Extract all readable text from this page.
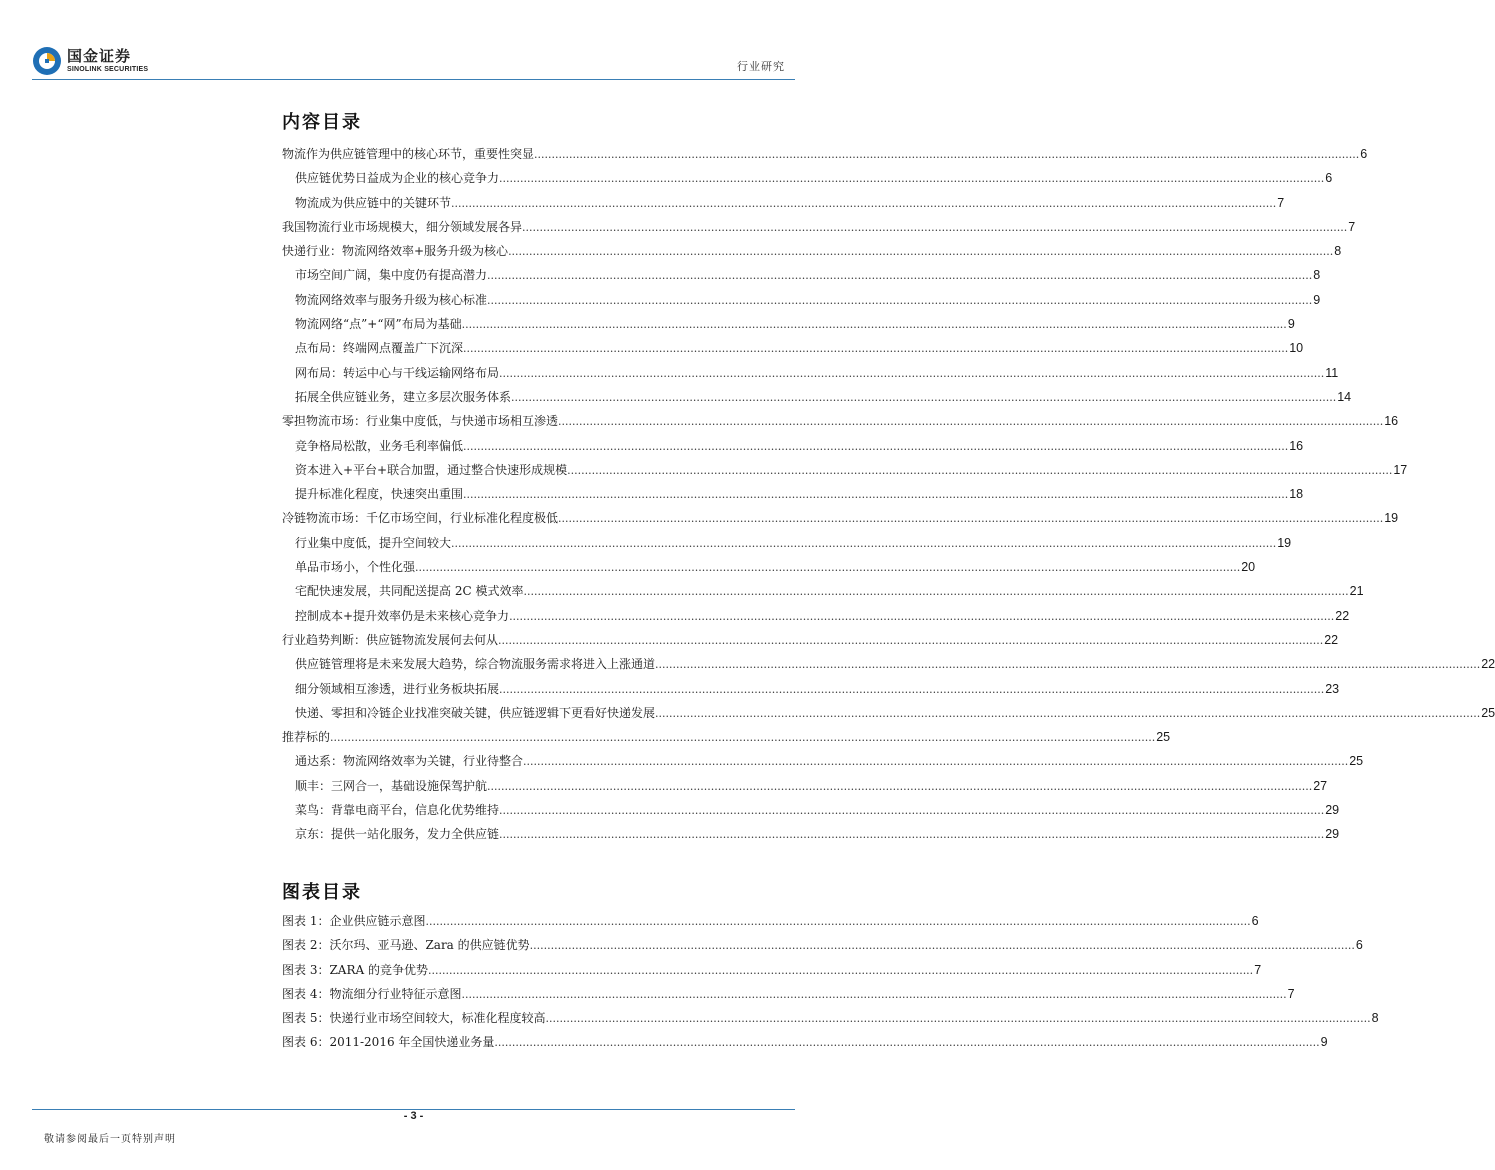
国金证券
SINOLINK SECURITIES	行业研究
内容目录
物流作为供应链管理中的核心环节，重要性突显 .....	6
供应链优势日益成为企业的核心竞争力 .....	6
物流成为供应链中的关键环节 .....	7
我国物流行业市场规模大，细分领域发展各异 .....	7
快递行业：物流网络效率+服务升级为核心 .....	8
市场空间广阔，集中度仍有提高潜力 .....	8
物流网络效率与服务升级为核心标准 .....	9
物流网络“点”+“网”布局为基础 .....	9
点布局：终端网点覆盖广下沉深 .....	10
网布局：转运中心与干线运输网络布局 .....	11
拓展全供应链业务，建立多层次服务体系 .....	14
零担物流市场：行业集中度低，与快递市场相互渗透 .....	16
竞争格局松散，业务毛利率偏低 .....	16
资本进入+平台+联合加盟，通过整合快速形成规模 .....	17
提升标准化程度，快速突出重围 .....	18
冷链物流市场：千亿市场空间，行业标准化程度极低 .....	19
行业集中度低，提升空间较大 .....	19
单品市场小，个性化强 .....	20
宅配快速发展，共同配送提高 2C 模式效率 .....	21
控制成本+提升效率仍是未来核心竞争力 .....	22
行业趋势判断：供应链物流发展何去何从 .....	22
供应链管理将是未来发展大趋势，综合物流服务需求将进入上涨通道 .....	22
细分领域相互渗透，进行业务板块拓展 .....	23
快递、零担和冷链企业找准突破关键，供应链逻辑下更看好快递发展 .....	25
推荐标的 .....	25
通达系：物流网络效率为关键，行业待整合 .....	25
顺丰：三网合一，基础设施保驾护航 .....	27
菜鸟：背靠电商平台，信息化优势维持 .....	29
京东：提供一站化服务，发力全供应链 .....	29
图表目录
图表 1：企业供应链示意图 .....	6
图表 2：沃尔玛、亚马逊、Zara 的供应链优势 .....	6
图表 3：ZARA 的竞争优势 .....	7
图表 4：物流细分行业特征示意图 .....	7
图表 5：快递行业市场空间较大，标准化程度较高 .....	8
图表 6：2011-2016 年全国快递业务量 .....	9
- 3 -
敬请参阅最后一页特别声明
